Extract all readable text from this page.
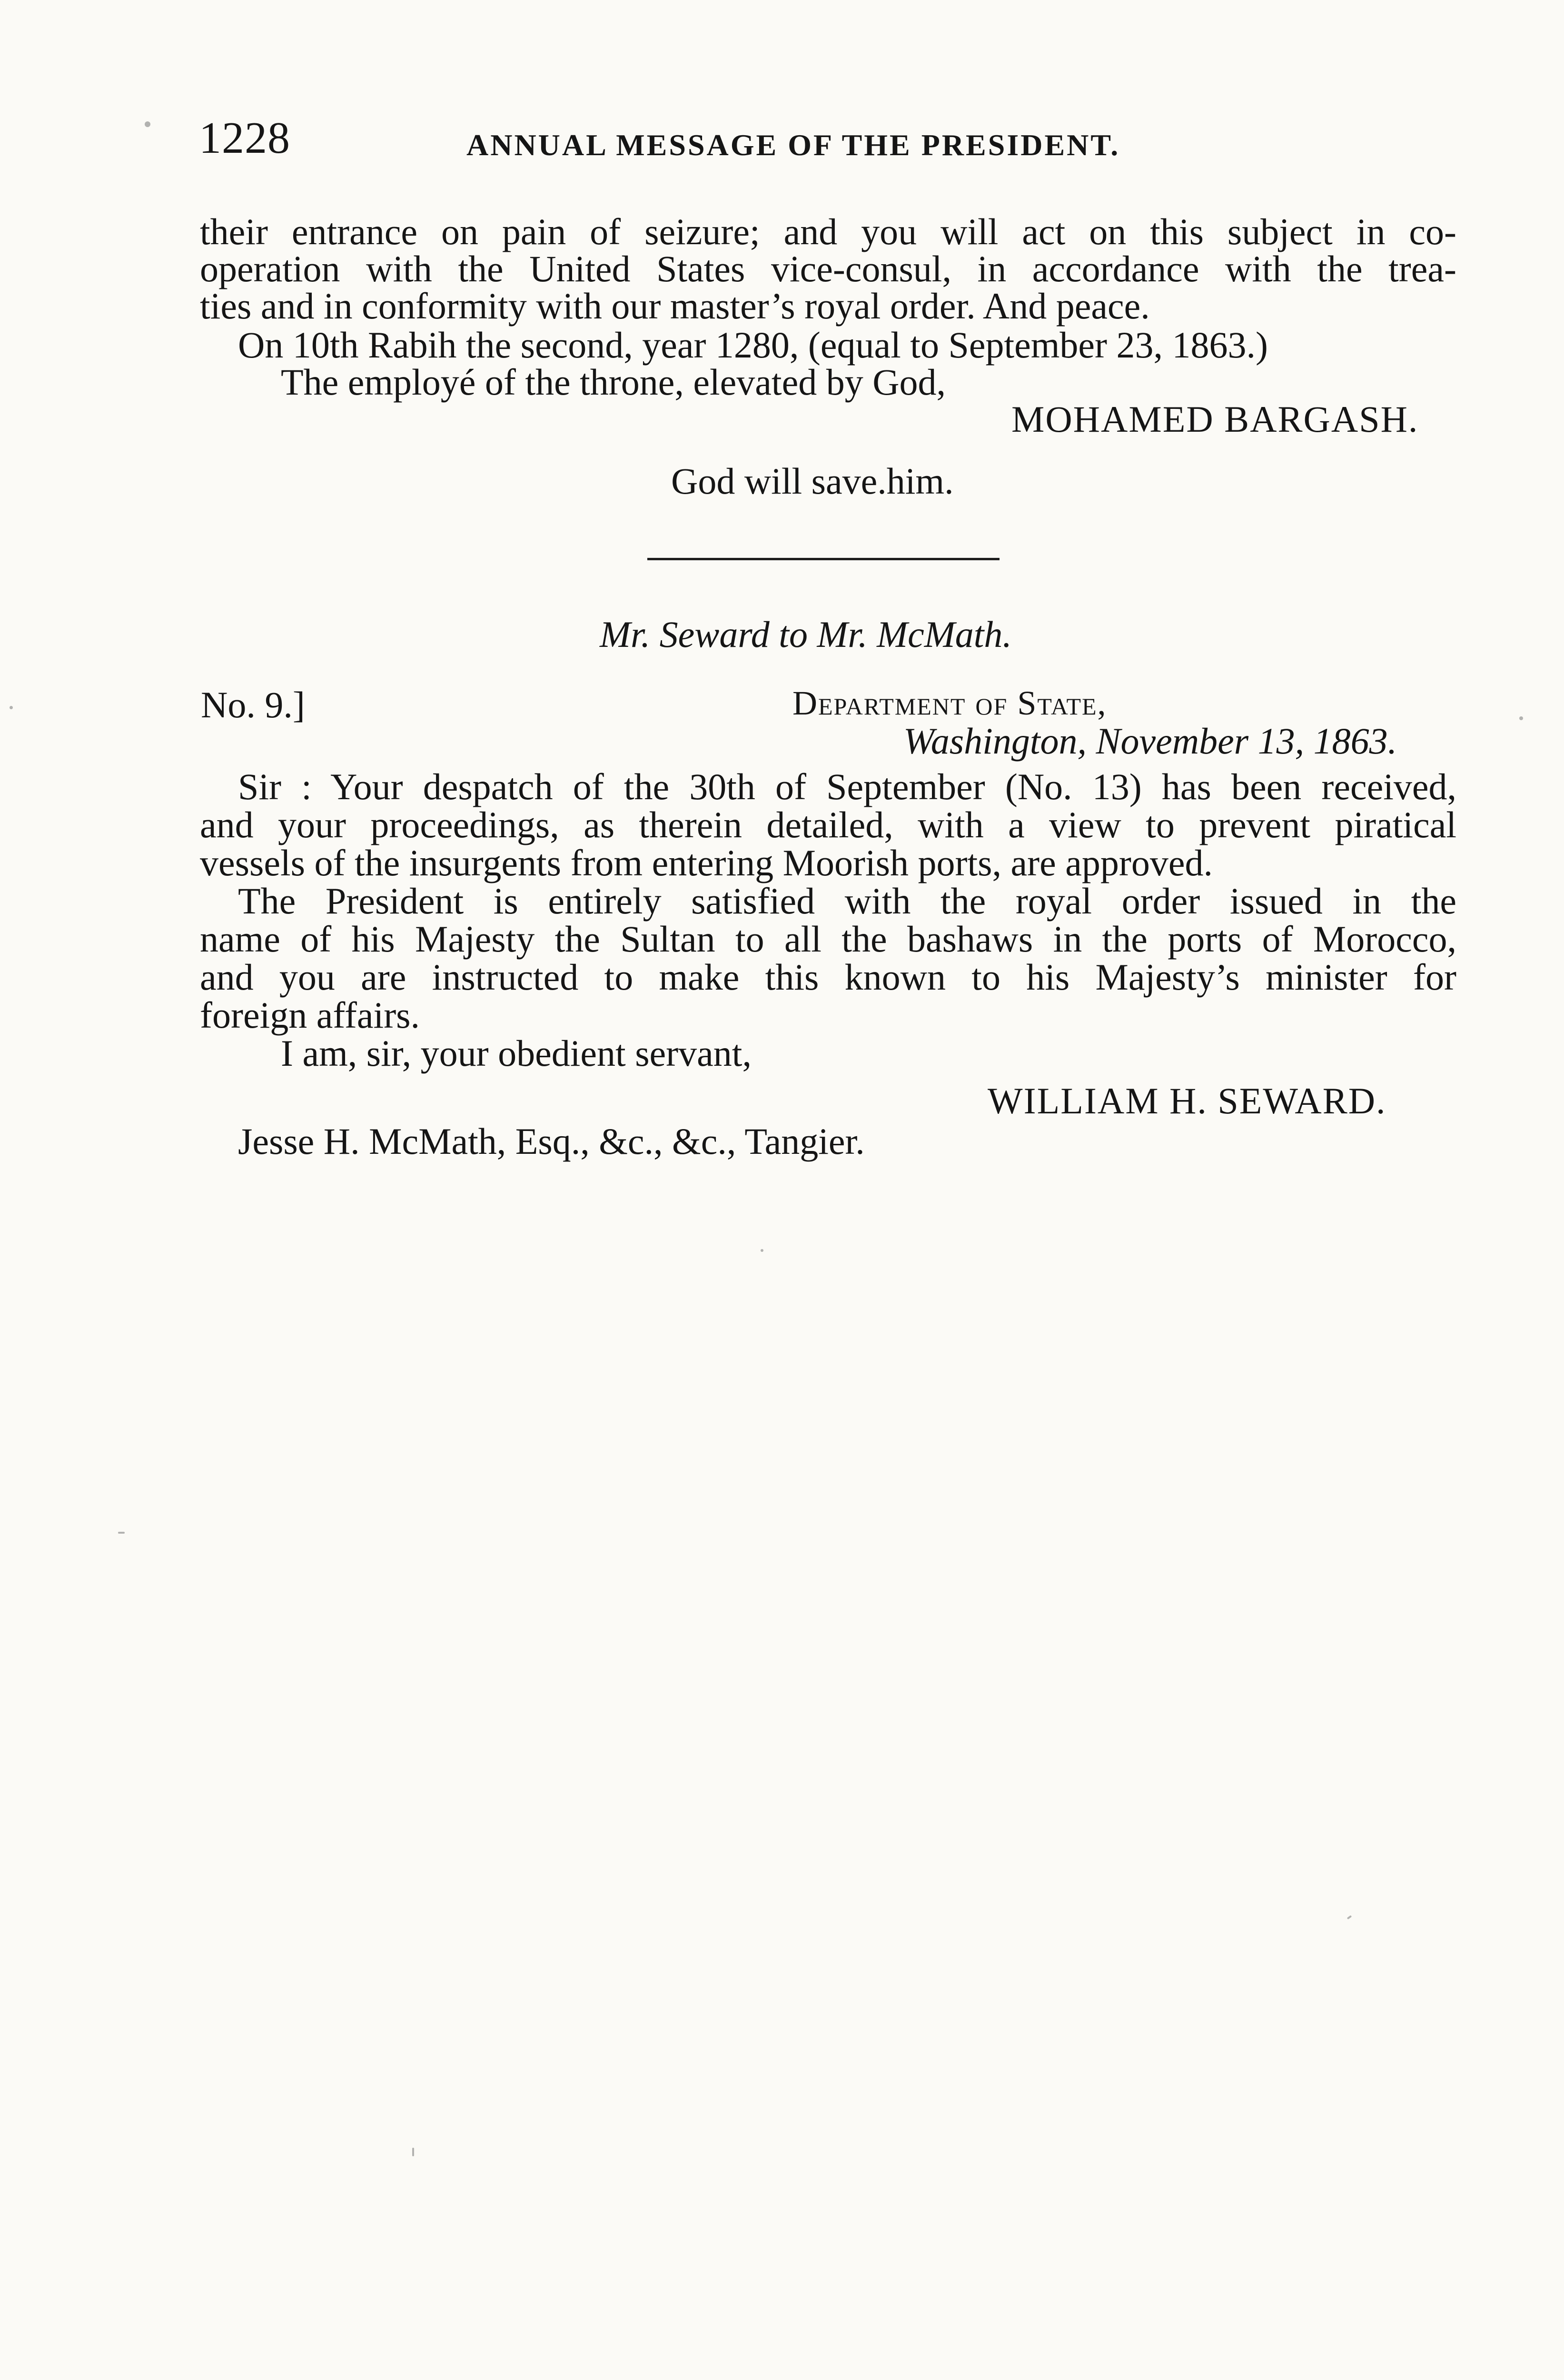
1228	ANNUAL MESSAGE OF THE PRESIDENT.
their entrance on pain of seizure; and you will act on this subject in co-
operation with the United States vice-consul, in accordance with the trea-
ties and in conformity with our master’s royal order. And peace.
On 10th Rabih the second, year 1280, (equal to September 23, 1863.)
The employé of the throne, elevated by God,
MOHAMED BARGASH.
God will save.him.
Mr. Seward to Mr. McMath.
No. 9.]	Department of State,
Washington, November 13, 1863.
Sir : Your despatch of the 30th of September (No. 13) has been received,
and your proceedings, as therein detailed, with a view to prevent piratical
vessels of the insurgents from entering Moorish ports, are approved.
The President is entirely satisfied with the royal order issued in the
name of his Majesty the Sultan to all the bashaws in the ports of Morocco,
and you are instructed to make this known to his Majesty’s minister for
foreign affairs.
I am, sir, your obedient servant,
WILLIAM H. SEWARD.
Jesse H. McMath, Esq., &c., &c., Tangier.
